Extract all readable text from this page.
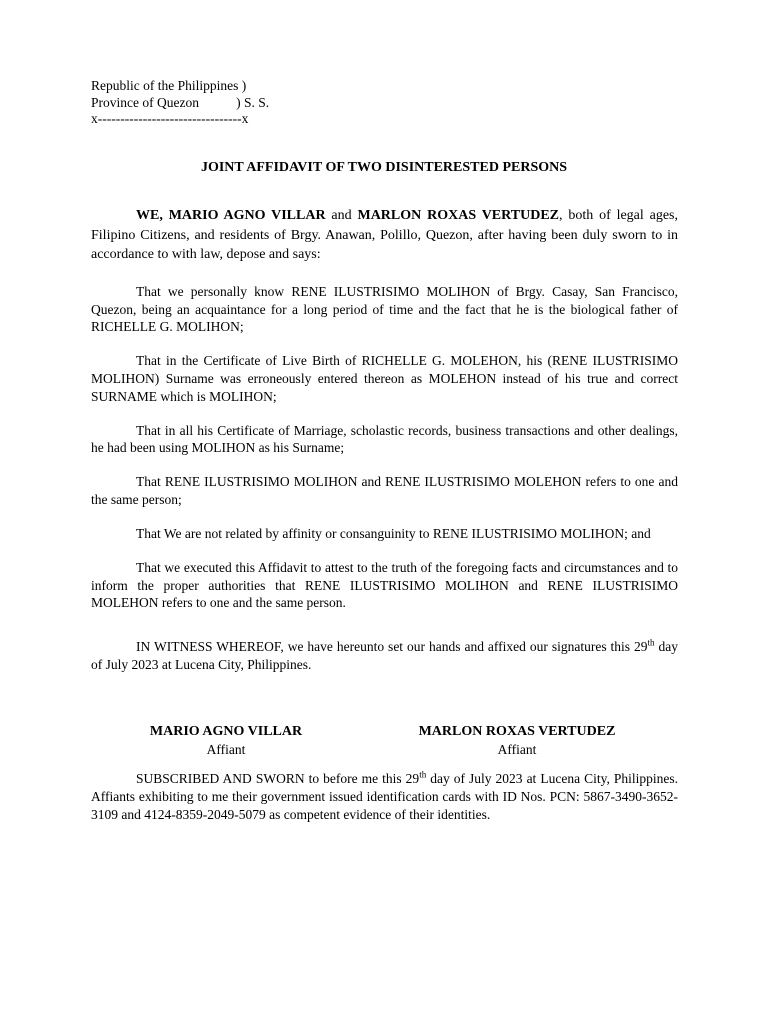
Republic of the Philippines )
Province of Quezon           ) S. S.
x--------------------------------x
JOINT AFFIDAVIT OF TWO DISINTERESTED PERSONS

WE, MARIO AGNO VILLAR and MARLON ROXAS VERTUDEZ, both of legal ages, Filipino Citizens, and residents of Brgy. Anawan, Polillo, Quezon, after having been duly sworn to in accordance to with law, depose and says:

That we personally know RENE ILUSTRISIMO MOLIHON of Brgy. Casay, San Francisco, Quezon, being an acquaintance for a long period of time and the fact that he is the biological father of RICHELLE G. MOLIHON;

That in the Certificate of Live Birth of RICHELLE G. MOLEHON, his (RENE ILUSTRISIMO MOLIHON) Surname was erroneously entered thereon as MOLEHON instead of his true and correct SURNAME which is MOLIHON;

That in all his Certificate of Marriage, scholastic records, business transactions and other dealings, he had been using MOLIHON as his Surname;

That RENE ILUSTRISIMO MOLIHON and RENE ILUSTRISIMO MOLEHON refers to one and the same person;

That We are not related by affinity or consanguinity to RENE ILUSTRISIMO MOLIHON; and

That we executed this Affidavit to attest to the truth of the foregoing facts and circumstances and to inform the proper authorities that RENE ILUSTRISIMO MOLIHON and RENE ILUSTRISIMO MOLEHON refers to one and the same person.

IN WITNESS WHEREOF, we have hereunto set our hands and affixed our signatures this 29th day of July 2023 at Lucena City, Philippines.

MARIO AGNO VILLAR
Affiant
MARLON ROXAS VERTUDEZ
Affiant

SUBSCRIBED AND SWORN to before me this 29th day of July 2023 at Lucena City, Philippines. Affiants exhibiting to me their government issued identification cards with ID Nos. PCN: 5867-3490-3652-3109 and 4124-8359-2049-5079 as competent evidence of their identities.
